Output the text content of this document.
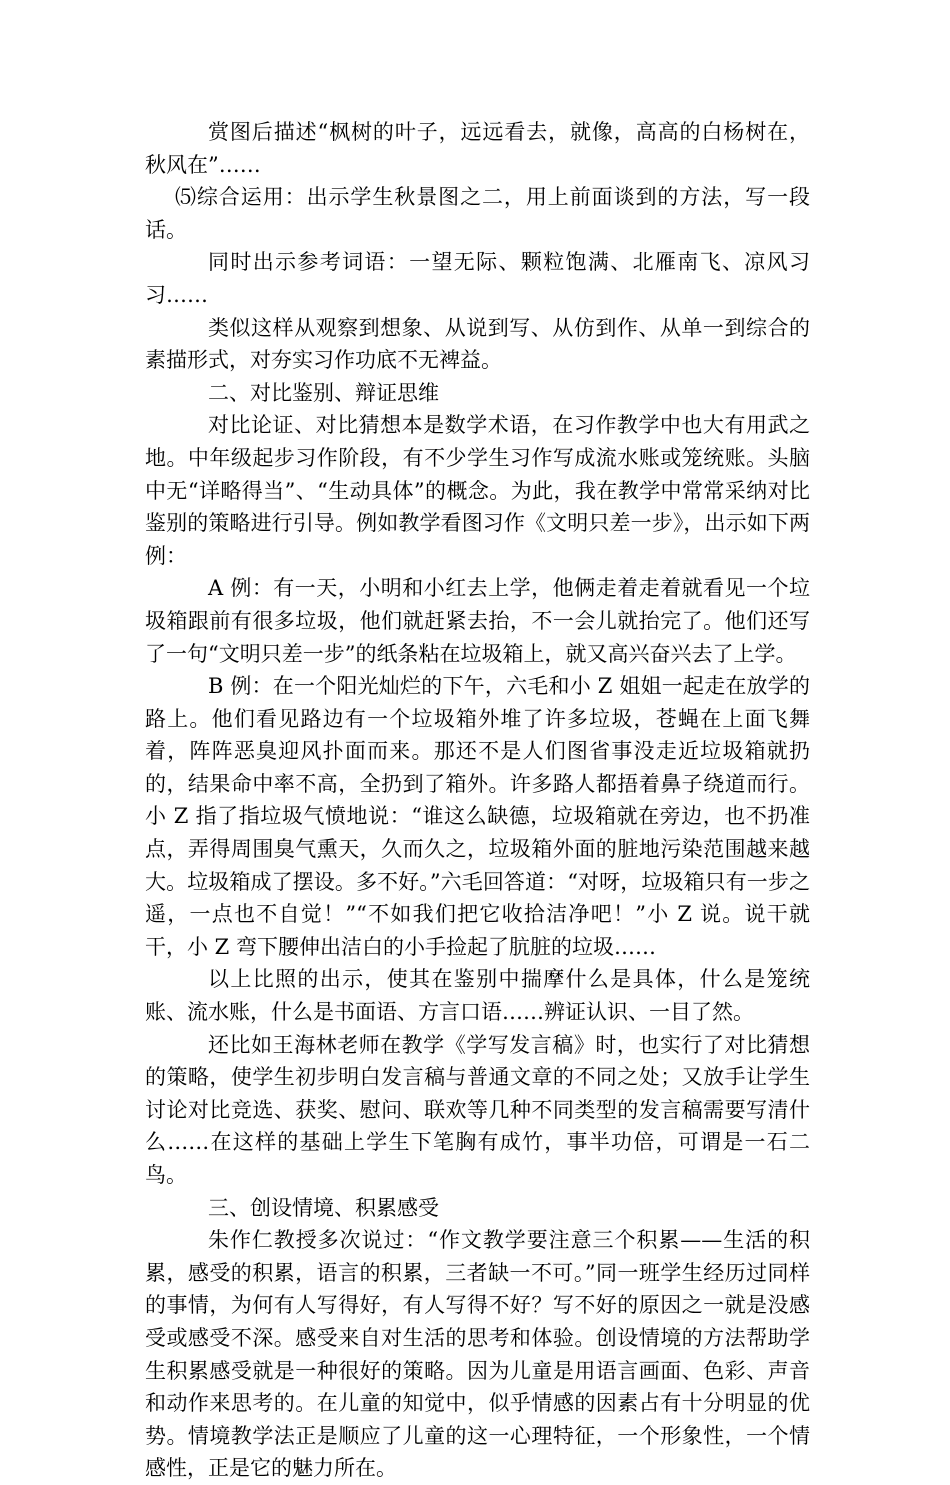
赏图后描述“枫树的叶子，远远看去，就像，高高的白杨树在， 秋风在”……

⑸综合运用：出示学生秋景图之二，用上前面谈到的方法，写一段话。

同时出示参考词语：一望无际、颗粒饱满、北雁南飞、凉风习习……

类似这样从观察到想象、从说到写、从仿到作、从单一到综合的素描形式，对夯实习作功底不无裨益。

二、对比鉴别、辩证思维

对比论证、对比猜想本是数学术语，在习作教学中也大有用武之地。中年级起步习作阶段，有不少学生习作写成流水账或笼统账。头脑中无“详略得当”、“生动具体”的概念。为此，我在教学中常常采纳对比鉴别的策略进行引导。例如教学看图习作《文明只差一步》，出示如下两例：

A 例：有一天，小明和小红去上学，他俩走着走着就看见一个垃圾箱跟前有很多垃圾，他们就赶紧去抬，不一会儿就抬完了。他们还写了一句“文明只差一步”的纸条粘在垃圾箱上，就又高兴奋兴去了上学。

B 例：在一个阳光灿烂的下午，六毛和小 Z 姐姐一起走在放学的路上。他们看见路边有一个垃圾箱外堆了许多垃圾，苍蝇在上面飞舞着，阵阵恶臭迎风扑面而来。那还不是人们图省事没走近垃圾箱就扔的，结果命中率不高，全扔到了箱外。许多路人都捂着鼻子绕道而行。小 Z 指了指垃圾气愤地说：“谁这么缺德，垃圾箱就在旁边，也不扔准点，弄得周围臭气熏天，久而久之，垃圾箱外面的脏地污染范围越来越大。垃圾箱成了摆设。多不好。”六毛回答道：“对呀，垃圾箱只有一步之遥，一点也不自觉！”“不如我们把它收拾洁净吧！”小 Z 说。说干就干，小 Z 弯下腰伸出洁白的小手捡起了肮脏的垃圾……

以上比照的出示，使其在鉴别中揣摩什么是具体，什么是笼统账、流水账，什么是书面语、方言口语……辨证认识、一目了然。

还比如王海林老师在教学《学写发言稿》时，也实行了对比猜想的策略，使学生初步明白发言稿与普通文章的不同之处；又放手让学生讨论对比竞选、获奖、慰问、联欢等几种不同类型的发言稿需要写清什么……在这样的基础上学生下笔胸有成竹，事半功倍，可谓是一石二鸟。

三、创设情境、积累感受

朱作仁教授多次说过：“作文教学要注意三个积累——生活的积累，感受的积累，语言的积累，三者缺一不可。”同一班学生经历过同样的事情，为何有人写得好，有人写得不好？写不好的原因之一就是没感受或感受不深。感受来自对生活的思考和体验。创设情境的方法帮助学生积累感受就是一种很好的策略。因为儿童是用语言画面、色彩、声音和动作来思考的。在儿童的知觉中，似乎情感的因素占有十分明显的优势。情境教学法正是顺应了儿童的这一心理特征，一个形象性，一个情感性，正是它的魅力所在。
